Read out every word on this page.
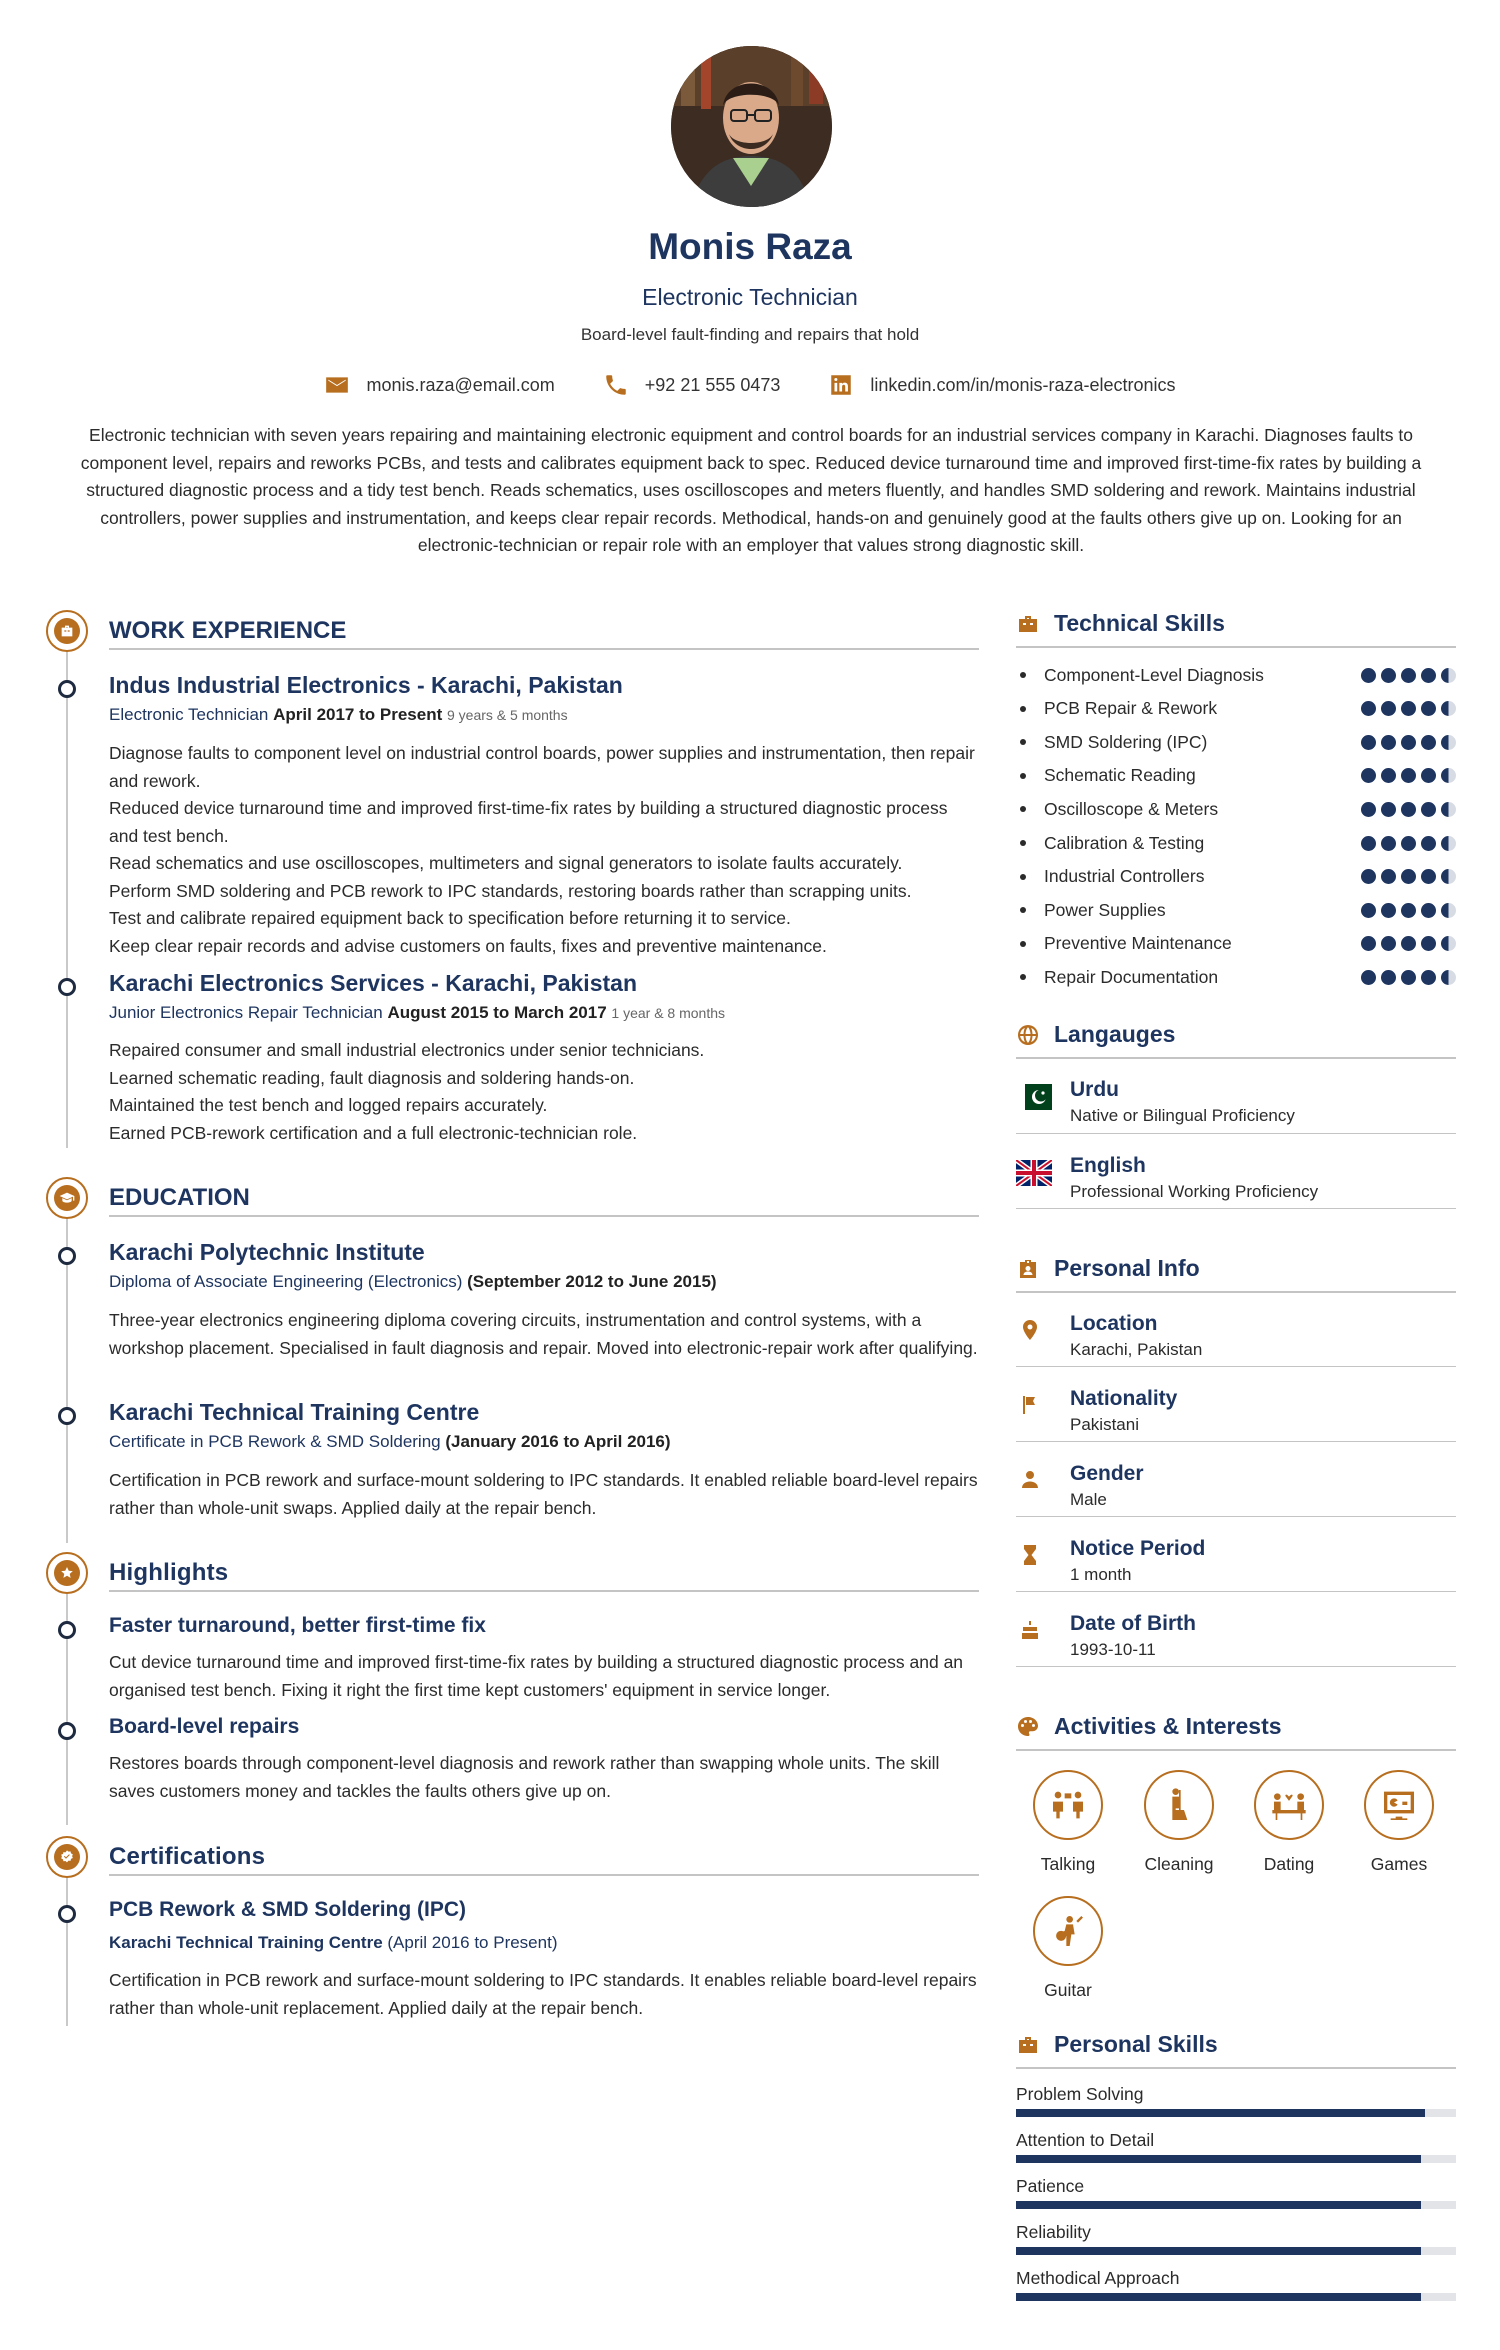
Monis Raza
Electronic Technician
Board-level fault-finding and repairs that hold
monis.raza@email.com	+92 21 555 0473	linkedin.com/in/monis-raza-electronics
Electronic technician with seven years repairing and maintaining electronic equipment and control boards for an industrial services company in Karachi. Diagnoses faults to component level, repairs and reworks PCBs, and tests and calibrates equipment back to spec. Reduced device turnaround time and improved first-time-fix rates by building a structured diagnostic process and a tidy test bench. Reads schematics, uses oscilloscopes and meters fluently, and handles SMD soldering and rework. Maintains industrial controllers, power supplies and instrumentation, and keeps clear repair records. Methodical, hands-on and genuinely good at the faults others give up on. Looking for an electronic-technician or repair role with an employer that values strong diagnostic skill.
WORK EXPERIENCE
Indus Industrial Electronics - Karachi, Pakistan
Electronic Technician April 2017 to Present 9 years & 5 months

Diagnose faults to component level on industrial control boards, power supplies and instrumentation, then repair and rework.

Reduced device turnaround time and improved first-time-fix rates by building a structured diagnostic process and test bench.

Read schematics and use oscilloscopes, multimeters and signal generators to isolate faults accurately.

Perform SMD soldering and PCB rework to IPC standards, restoring boards rather than scrapping units.

Test and calibrate repaired equipment back to specification before returning it to service.

Keep clear repair records and advise customers on faults, fixes and preventive maintenance.

Karachi Electronics Services - Karachi, Pakistan
Junior Electronics Repair Technician August 2015 to March 2017 1 year & 8 months

Repaired consumer and small industrial electronics under senior technicians.

Learned schematic reading, fault diagnosis and soldering hands-on.

Maintained the test bench and logged repairs accurately.

Earned PCB-rework certification and a full electronic-technician role.

EDUCATION
Karachi Polytechnic Institute
Diploma of Associate Engineering (Electronics) (September 2012 to June 2015)
Three-year electronics engineering diploma covering circuits, instrumentation and control systems, with a workshop placement. Specialised in fault diagnosis and repair. Moved into electronic-repair work after qualifying.
Karachi Technical Training Centre
Certificate in PCB Rework & SMD Soldering (January 2016 to April 2016)
Certification in PCB rework and surface-mount soldering to IPC standards. It enabled reliable board-level repairs rather than whole-unit swaps. Applied daily at the repair bench.
Highlights
Faster turnaround, better first-time fix
Cut device turnaround time and improved first-time-fix rates by building a structured diagnostic process and an organised test bench. Fixing it right the first time kept customers' equipment in service longer.
Board-level repairs
Restores boards through component-level diagnosis and rework rather than swapping whole units. The skill saves customers money and tackles the faults others give up on.
Certifications
PCB Rework & SMD Soldering (IPC)
Karachi Technical Training Centre (April 2016 to Present)
Certification in PCB rework and surface-mount soldering to IPC standards. It enables reliable board-level repairs rather than whole-unit replacement. Applied daily at the repair bench.
Technical Skills
Component-Level Diagnosis
PCB Repair & Rework
SMD Soldering (IPC)
Schematic Reading
Oscilloscope & Meters
Calibration & Testing
Industrial Controllers
Power Supplies
Preventive Maintenance
Repair Documentation
Langauges
Urdu
Native or Bilingual Proficiency
English
Professional Working Proficiency
Personal Info
Location
Karachi, Pakistan
Nationality
Pakistani
Gender
Male
Notice Period
1 month
Date of Birth
1993-10-11
Activities & Interests
Talking	Cleaning	Dating	Games
Guitar
Personal Skills
Problem Solving
Attention to Detail
Patience
Reliability
Methodical Approach
